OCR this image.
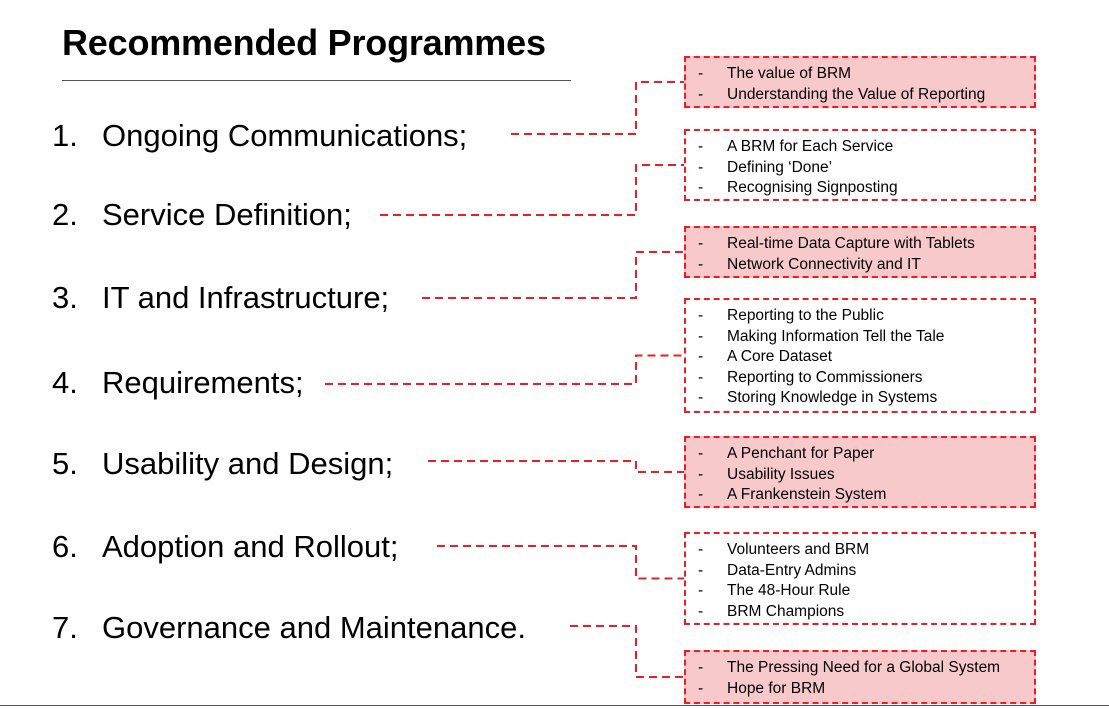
Recommended Programmes
1. Ongoing Communications;
2. Service Definition;
3. IT and Infrastructure;
4. Requirements;
5. Usability and Design;
6. Adoption and Rollout;
7. Governance and Maintenance.
- The value of BRM
- Understanding the Value of Reporting
- A BRM for Each Service
- Defining ‘Done’
- Recognising Signposting
- Real-time Data Capture with Tablets
- Network Connectivity and IT
- Reporting to the Public
- Making Information Tell the Tale
- A Core Dataset
- Reporting to Commissioners
- Storing Knowledge in Systems
- A Penchant for Paper
- Usability Issues
- A Frankenstein System
- Volunteers and BRM
- Data-Entry Admins
- The 48-Hour Rule
- BRM Champions
- The Pressing Need for a Global System
- Hope for BRM
